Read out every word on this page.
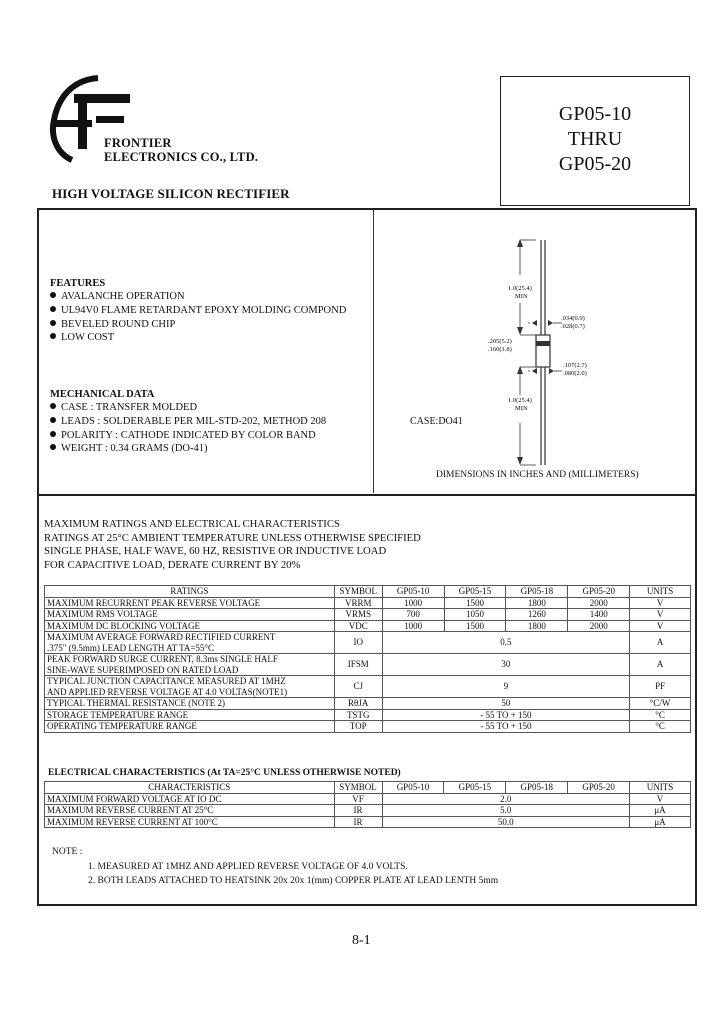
FRONTIER
ELECTRONICS CO., LTD.
GP05-10
THRU
GP05-20
HIGH VOLTAGE SILICON RECTIFIER
FEATURES
AVALANCHE OPERATION
UL94V0 FLAME RETARDANT EPOXY MOLDING COMPOND
BEVELED ROUND CHIP
LOW COST
MECHANICAL DATA
CASE : TRANSFER MOLDED
LEADS : SOLDERABLE PER MIL-STD-202, METHOD 208
POLARITY : CATHODE INDICATED BY COLOR BAND
WEIGHT : 0.34 GRAMS (DO-41)
1.0(25.4)
MIN
.034(0.9)
.028(0.7)
.205(5.2)
.160(1.8)
.107(2.7)
.080(2.0)
1.0(25.4)
MIN
CASE:DO41
DIMENSIONS IN INCHES AND (MILLIMETERS)
MAXIMUM RATINGS AND ELECTRICAL CHARACTERISTICS
RATINGS AT 25°C AMBIENT TEMPERATURE UNLESS OTHERWISE SPECIFIED
SINGLE PHASE, HALF WAVE, 60 HZ, RESISTIVE OR INDUCTIVE LOAD
FOR CAPACITIVE LOAD, DERATE CURRENT BY 20%
RATINGS	SYMBOL	GP05-10	GP05-15	GP05-18	GP05-20	UNITS
MAXIMUM RECURRENT PEAK REVERSE VOLTAGE	VRRM	1000	1500	1800	2000	V
MAXIMUM RMS VOLTAGE	VRMS	700	1050	1260	1400	V
MAXIMUM DC BLOCKING VOLTAGE	VDC	1000	1500	1800	2000	V

MAXIMUM AVERAGE FORWARD RECTIFIED CURRENT
.375" (9.5mm) LEAD LENGTH AT TA=55°C	IO	0.5				A

PEAK FORWARD SURGE CURRENT, 8.3ms SINGLE HALF
SINE-WAVE SUPERIMPOSED ON RATED LOAD	IFSM	30				A

TYPICAL JUNCTION CAPACITANCE MEASURED AT 1MHZ
AND APPLIED REVERSE VOLTAGE AT 4.0 VOLTAS(NOTE1)	CJ	9				PF
TYPICAL THERMAL RESISTANCE (NOTE 2)	RθJA	50				°C/W
STORAGE TEMPERATURE RANGE	TSTG	- 55 TO + 150				°C
OPERATING TEMPERATURE RANGE	TOP	- 55 TO + 150				°C
ELECTRICAL CHARACTERISTICS (At TA=25°C UNLESS OTHERWISE NOTED)
CHARACTERISTICS	SYMBOL	GP05-10	GP05-15	GP05-18	GP05-20	UNITS
MAXIMUM FORWARD VOLTAGE AT IO DC	VF	2.0				V
MAXIMUM REVERSE CURRENT AT 25°C	IR	5.0				μA
MAXIMUM REVERSE CURRENT AT 100°C	IR	50.0				μA
NOTE :
1. MEASURED AT 1MHZ AND APPLIED REVERSE VOLTAGE OF 4.0 VOLTS.
2. BOTH LEADS ATTACHED TO HEATSINK 20x 20x 1(mm) COPPER PLATE AT LEAD LENTH 5mm
8-1
